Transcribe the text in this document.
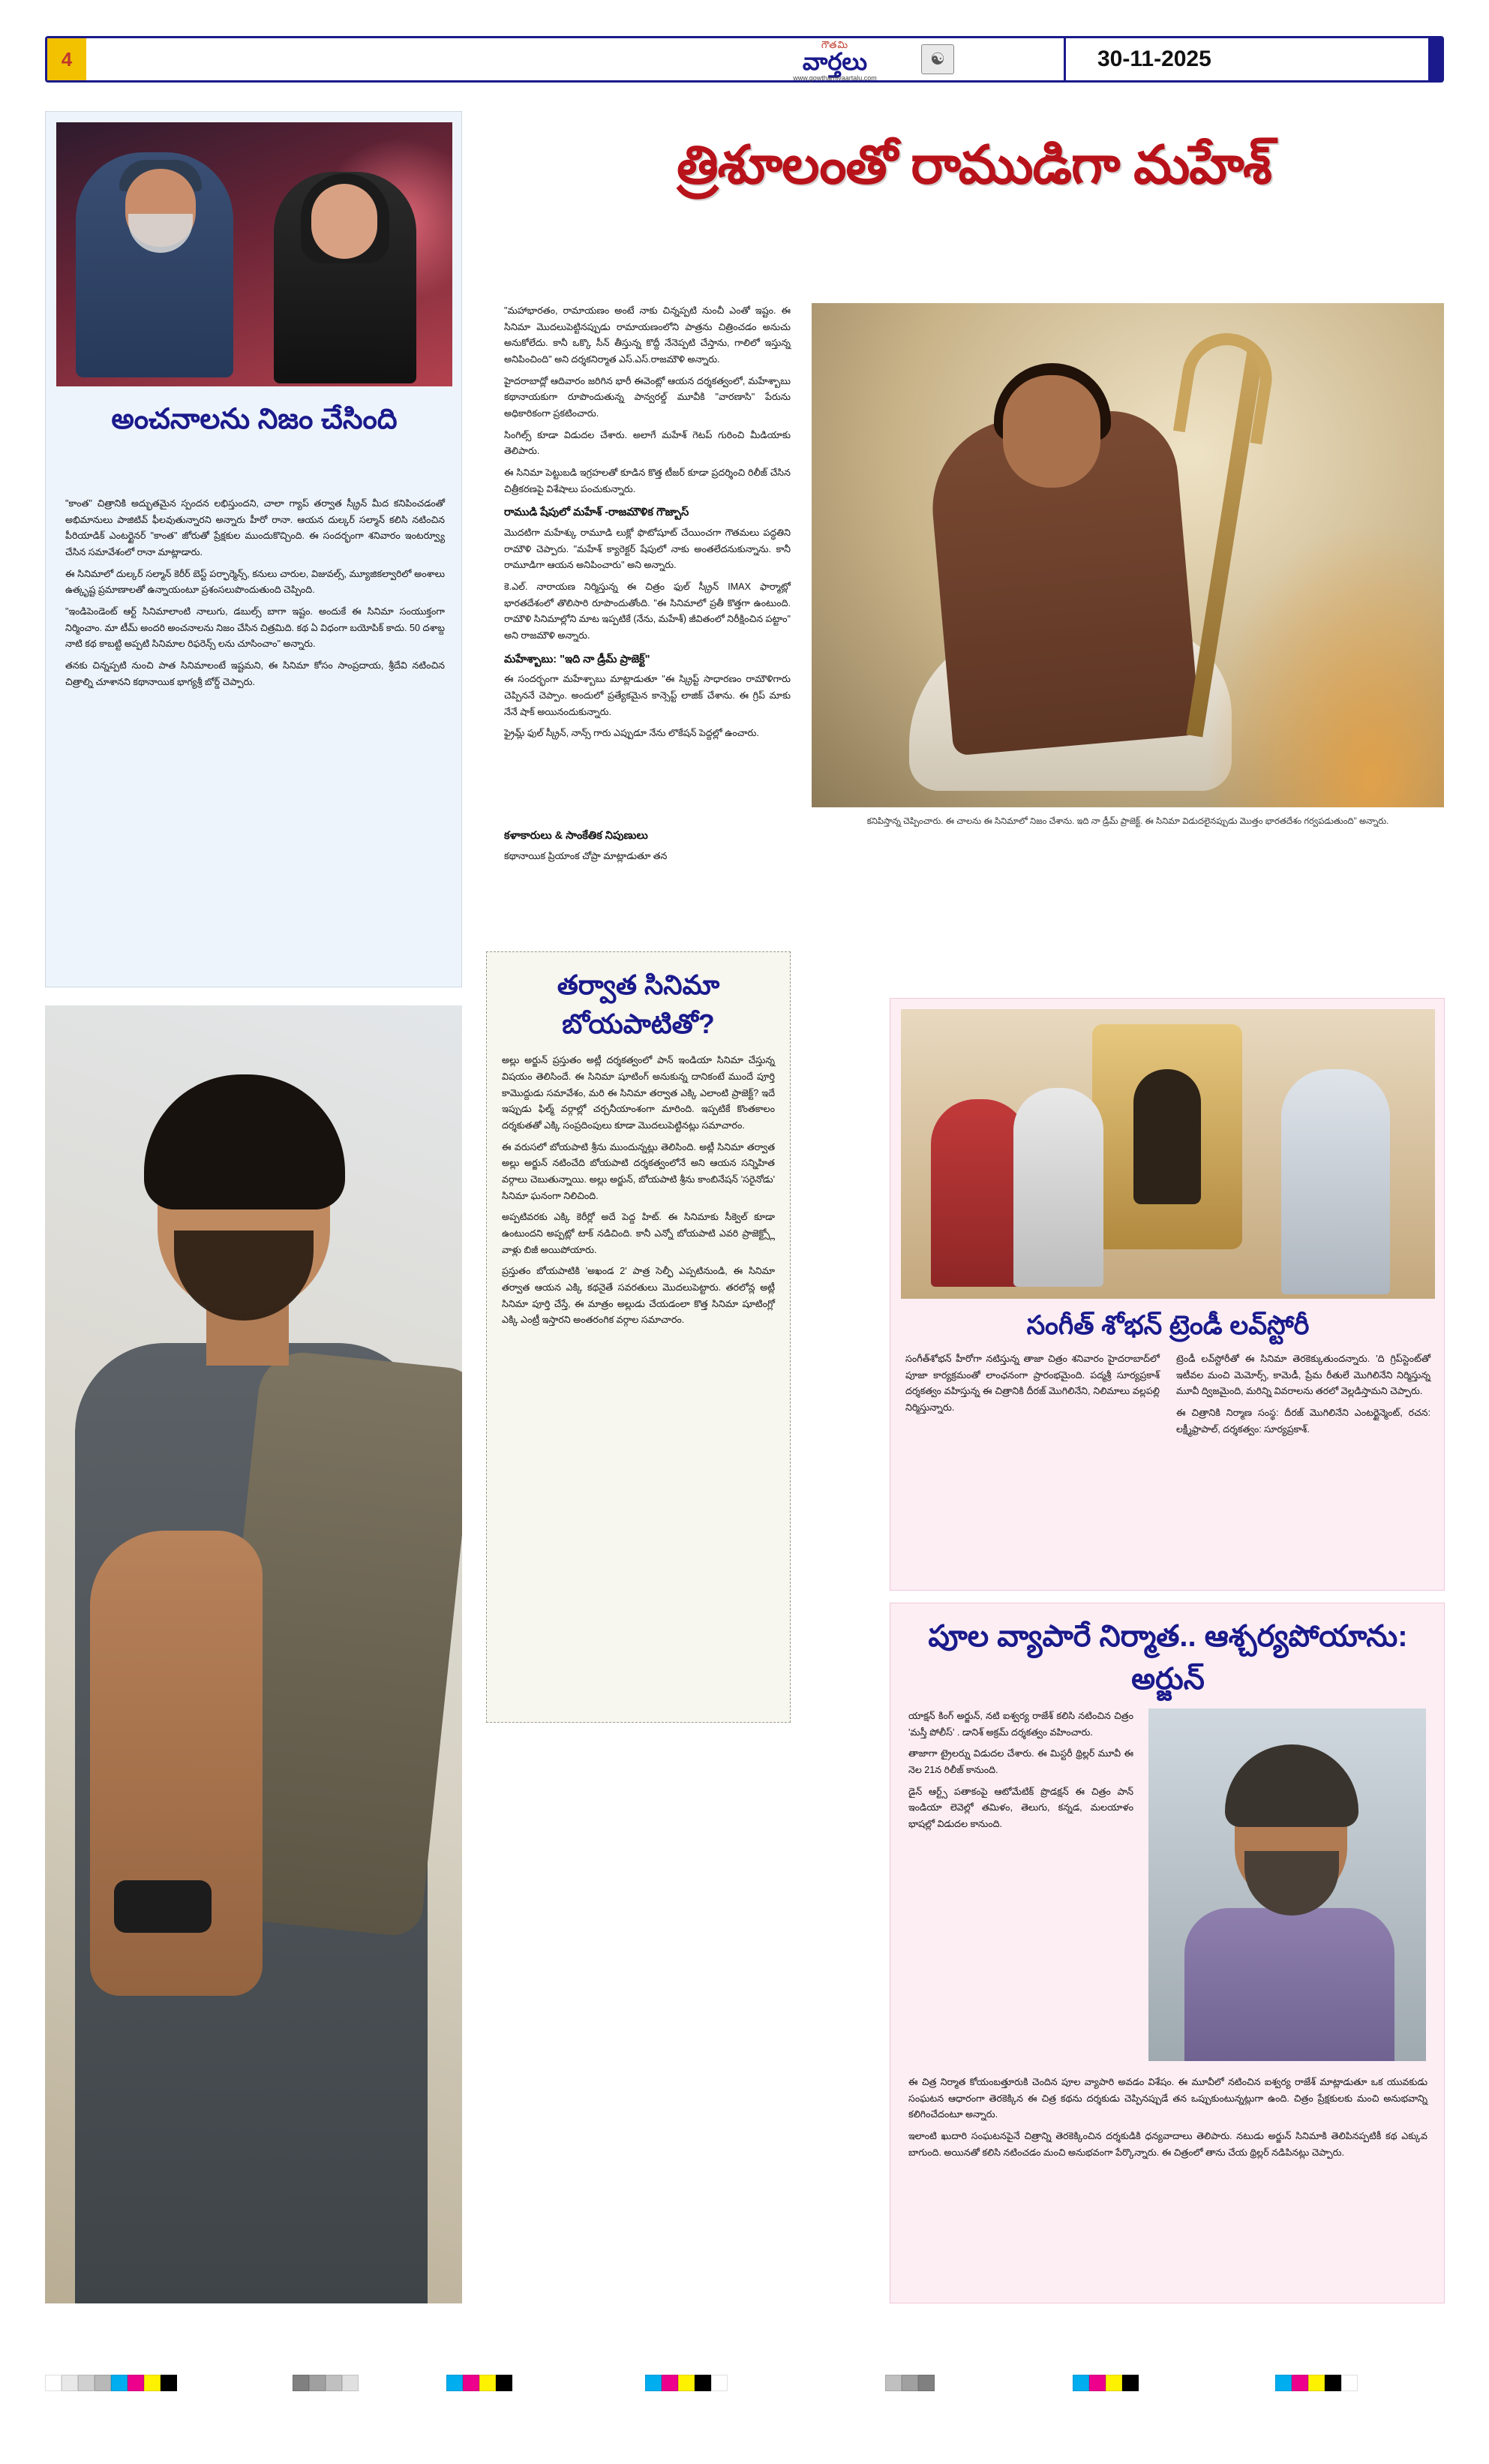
4
గౌతమి
వార్తలు
www.gowthamivaartalu.com
☯	30-11-2025
అంచనాలను నిజం చేసింది

"కాంత" చిత్రానికి అద్భుతమైన స్పందన లభిస్తుందని, చాలా గ్యాప్ తర్వాత స్క్రీన్ మీద కనిపించడంతో అభిమానులు పాజిటివ్ ఫీలవుతున్నారని అన్నారు హీరో రానా. ఆయన దుల్కర్ సల్మాన్ కలిసి నటించిన పీరియాడిక్ ఎంటర్టైనర్ "కాంత" జోరుతో ప్రేక్షకుల ముందుకొచ్చింది. ఈ సందర్భంగా శనివారం ఇంటర్వ్యూ చేసిన సమావేశంలో రానా మాట్లాడారు.

ఈ సినిమాలో దుల్కర్ సల్మాన్ కెరీర్ బెస్ట్ పర్ఫార్మెన్స్, కనులు చారుల, విజువల్స్, మ్యూజికల్వారిలో అంశాలు ఉత్కృష్ట ప్రమాణాలతో ఉన్నాయంటూ ప్రశంసలుపొందుతుంది చెప్పింది.

"ఇండిపెండెంట్ ఆర్ట్ సినిమాలాంటి నాలుగు, డబుల్స్ బాగా ఇష్టం. అందుకే ఈ సినిమా సంయుక్తంగా నిర్మించాం. మా టీమ్ అందరి అంచనాలను నిజం చేసిన చిత్రమిది. కథ ఏ విధంగా బయోపిక్ కాదు. 50 దశాబ్ద నాటి కథ కాబట్టి అప్పటి సినిమాల రిఫరెన్స్ లను చూసించాం" అన్నారు.

తనకు చిన్నప్పటి నుంచి పాత సినిమాలంటే ఇష్టమని, ఈ సినిమా కోసం సాంప్రదాయ, శ్రీదేవి నటించిన చిత్రాల్ని చూశానని కథానాయిక భాగ్యశ్రీ బోర్డ్ చెప్పారు.

త్రిశూలంతో రాముడిగా మహేశ్

"మహాభారతం, రామాయణం అంటే నాకు చిన్నప్పటి నుంచీ ఎంతో ఇష్టం. ఈ సినిమా మొదలుపెట్టినప్పుడు రామాయణంలోని పాత్రను చిత్రించడం అనుచు అనుకోలేదు. కానీ ఒక్కొ సీన్ తీస్తున్న కొద్దీ నేనెప్పటి చేస్తాను, గాలిలో ఇస్తున్న అనిపించింది" అని దర్శకనిర్మాత ఎస్.ఎస్.రాజమౌళి అన్నారు.

హైదరాబాద్లో ఆదివారం జరిగిన భారీ ఈవెంట్లో ఆయన దర్శకత్వంలో, మహేశ్బాబు కథానాయకుగా రూపొందుతున్న పాన్వరల్డ్ మూవీకి "వారణాసి" పేరును అధికారికంగా ప్రకటించారు.

సింగిల్స్ కూడా విడుదల చేశారు. అలాగే మహేశ్ గెటప్ గురించి మీడియాకు తెలిపారు.

ఈ సినిమా పెట్టుబడి ఇగ్రహలతో కూడిన కొత్త టీజర్ కూడా ప్రదర్శించి రిలీజ్ చేసిన చిత్రీకరణపై విశేషాలు పంచుకున్నారు.

రాముడి షేపులో మహేశ్ -రాజమౌళిక గౌజ్బాస్

మొదటిగా మహేశ్కు రామూడి లుక్లో ఫొటోషూట్ చేయించగా గౌతమలు పద్ధతిని రామౌళి చెప్పారు. "మహేశ్ క్యారెక్టర్ షేపులో నాకు అంతలేదనుకున్నాను. కానీ రామూడిగా ఆయన అనిపించారు" అని అన్నారు.

కె.ఎల్. నారాయణ నిర్మిస్తున్న ఈ చిత్రం ఫుల్ స్క్రీన్ IMAX ఫార్మాట్లో భారతదేశంలో తొలిసారి రూపొందుతోంది. "ఈ సినిమాలో ప్రతీ కొత్తగా ఉంటుంది. రామౌళి సినిమాల్లోని మాట ఇప్పటికే (నేను, మహేశ్) జీవితంలో నిరీక్షించిన పట్టాం" అని రాజమౌళి అన్నారు.

మహేశ్బాబు: "ఇది నా డ్రీమ్ ప్రాజెక్ట్"

ఈ సందర్భంగా మహేశ్బాబు మాట్లాడుతూ "ఈ స్క్రిప్ట్ సాధారణం రామౌళిగారు చెప్పిననే చెప్పాం. అందులో ప్రత్యేకమైన కాన్సెప్ట్ లాజిక్ చేశాను. ఈ గ్రిప్ మాకు నేనే షాక్ అయినందుకున్నారు.

ఫ్రైమ్ల్ ఫుల్ స్క్రీన్, నాన్స్ గారు ఎప్పుడూ నేను లొకేషన్ పెద్దల్లో ఉంచారు.

కనిపిస్తాన్న చెప్పించారు. ఈ చాలను ఈ సినిమాలో నిజం చేశాను. ఇది నా డ్రీమ్ ప్రాజెక్ట్. ఈ సినిమా విడుదలైనప్పుడు మొత్తం భారతదేశం గర్వపడుతుంది" అన్నారు.
కళాకారులు & సాంకేతిక నిపుణులు

కథానాయిక ప్రియాంక చోప్రా మాట్లాడుతూ తన

తర్వాత సినిమా బోయపాటితో?

అల్లు అర్జున్ ప్రస్తుతం అట్లీ దర్శకత్వంలో పాన్ ఇండియా సినిమా చేస్తున్న విషయం తెలిసిందే. ఈ సినిమా షూటింగ్ అనుకున్న దానికంటే ముందే పూర్తి కామెుద్దుడు సమావేశం, మరి ఈ సినిమా తర్వాత ఎక్కి ఎలాంటి ప్రాజెక్ట్? ఇదే ఇప్పుడు ఫిల్మ్ వర్గాల్లో చర్చనీయాంశంగా మారింది. ఇప్పటికే కొంతకాలం దర్శకుతతో ఎక్కి సంప్రదింపులు కూడా మొదలుపెట్టినట్లు సమాచారం.

ఈ వరుసలో బోయపాటి శ్రీను ముందున్నట్లు తెలిసింది. అట్లీ సినిమా తర్వాత అల్లు అర్జున్ నటించేది బోయపాటి దర్శకత్వంలోనే అని ఆయన సన్నిహిత వర్గాలు చెబుతున్నాయి. అల్లు అర్జున్, బోయపాటి శ్రీను కాంబినేషన్ 'సరైనోడు' సినిమా ఘనంగా నిలిచింది.

అప్పటివరకు ఎక్కి కెరీర్లో అదే పెద్ద హిట్. ఈ సినిమాకు సీక్వెల్ కూడా ఉంటుందని అప్పట్లో టాక్ నడిచింది. కానీ ఎన్నో బోయపాటి ఎవరి ప్రాజెక్ట్స్లో వాళ్లు బిజీ అయిపోయారు.

ప్రస్తుతం బోయపాటికి 'అఖండ 2' పాత్ర సెల్ఫీ ఎప్పటినుండి, ఈ సినిమా తర్వాత ఆయన ఎక్కి కథనైతే సవరతులు మొదలుపెట్టారు. తరలోన్ల అట్లీ సినిమా పూర్తి చేస్తే, ఈ మాత్రం అల్లుడు చేయడంలా కొత్త సినిమా షూటింగ్లో ఎక్కి ఎంట్రీ ఇస్తారని అంతరంగిక వర్గాల సమాచారం.	సంగీత్ శోభన్ ట్రెండీ లవ్‌స్టోరీ

సంగీత్‌శోభన్ హీరోగా నటిస్తున్న తాజా చిత్రం శనివారం హైదరాబాద్‌లో పూజా కార్యక్రమంతో లాంఛనంగా ప్రారంభమైంది. పద్మశ్రీ సూర్యప్రకాశ్ దర్శకత్వం వహిస్తున్న ఈ చిత్రానికి దీరజ్ మొగిలినేని, నిలిమాలు వల్లపల్లి నిర్మిస్తున్నారు.

ట్రెండీ లవ్‌స్టోరీతో ఈ సినిమా తెరకెక్కుతుందన్నారు. 'ది గ్రిప్‌స్టెంట్‌తో ఇటీవల మంచి మెమోర్స్, కామెడీ, ప్రేమ రీతులే మొగిలినేని నిర్మిస్తున్న మూవీ ద్విజమైంది, మరిన్ని వివరాలను తరలో వెల్లడిస్తామని చెప్పారు.

ఈ చిత్రానికి నిర్మాణ సంస్థ: దీరజ్ మొగిలినేని ఎంటర్టైన్మెంట్, రచన: లక్ష్మీఫ్రాపాల్, దర్శకత్వం: సూర్యప్రకాశ్.

పూల వ్యాపారే నిర్మాత.. ఆశ్చర్యపోయాను: అర్జున్

యాక్షన్ కింగ్ అర్జున్, నటి ఐశ్వర్య రాజేశ్ కలిసి నటించిన చిత్రం 'మస్తీ పోలీస్' . డానిశ్ అక్రమ్ దర్శకత్వం వహించారు.

తాజాగా ట్రైలర్ను విడుదల చేశారు. ఈ మిస్టరీ థ్రిల్లర్ మూవీ ఈ నెల 21న రిలీజ్ కానుంది.

డైన్ ఆర్ట్స్ పతాకంపై ఆటోమేటిక్ ప్రొడక్షన్ ఈ చిత్రం పాన్ ఇండియా లెవెల్లో తమిళం, తెలుగు, కన్నడ, మలయాళం భాషల్లో విడుదల కానుంది.

ఈ చిత్ర నిర్మాత కోయంబత్తూరుకి చెందిన పూల వ్యాపారి అవడం విశేషం. ఈ మూవీలో నటించిన ఐశ్వర్య రాజేశ్ మాట్లాడుతూ ఒక యువకుడు సంఘటన ఆధారంగా తెరకెక్కిన ఈ చిత్ర కథను దర్శకుడు చెప్పినప్పుడే తన ఒప్పుకుంటున్నట్లుగా ఉంది. చిత్రం ప్రేక్షకులకు మంచి అనుభవాన్ని కలిగించేదంటూ అన్నారు.

ఇలాంటి ఖుదారి సంఘటనపైనే చిత్రాన్ని తెరకెక్కించిన దర్శకుడికి ధన్యవాదాలు తెలిపారు. నటుడు అర్జున్ సినిమాకి తెలిపినప్పటికీ కథ ఎక్కువ బాగుంది. అయినతో కలిసి నటించడం మంచి అనుభవంగా పేర్కొన్నారు. ఈ చిత్రంలో తాను చేయ థ్రిల్లర్ నడిపినట్లు చెప్పారు.
